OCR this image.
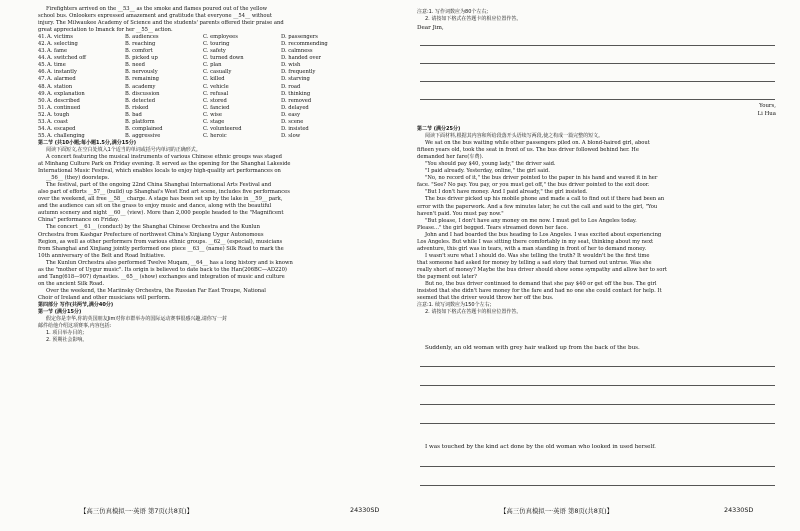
Firefighters arrived on the __53__ as the smoke and flames poured out of the yellow

school bus. Onlookers expressed amazement and gratitude that everyone __54__ without

injury. The Milwaukee Academy of Science and the students' parents offered their praise and

great appreciation to Imanck for her __55__ action.

41. A. victims	B. audiences	C. employees	D. passengers
42. A. selecting	B. reaching	C. touring	D. recommending
43. A. fame	B. comfort	C. safety	D. calmness
44. A. switched off	B. picked up	C. turned down	D. handed over
45. A. time	B. need	C. plan	D. wish
46. A. instantly	B. nervously	C. casually	D. frequently
47. A. alarmed	B. remaining	C. killed	D. starving
48. A. station	B. academy	C. vehicle	D. road
49. A. explanation	B. discussion	C. refusal	D. thinking
50. A. described	B. detected	C. stored	D. removed
51. A. continued	B. risked	C. fancied	D. delayed
52. A. tough	B. bad	C. wise	D. easy
53. A. coast	B. platform	C. stage	D. scene
54. A. escaped	B. complained	C. volunteered	D. insisted
55. A. challenging	B. aggressive	C. heroic	D. slow

第二节 (共10小题;每小题1.5分,满分15分)

阅读下面短文,在空白处填入1个适当的单词或括号内单词的正确形式。

A concert featuring the musical instruments of various Chinese ethnic groups was staged

at Minhang Culture Park on Friday evening. It served as the opening for the Shanghai Lakeside

International Music Festival, which enables locals to enjoy high-quality art performances on

__56__ (they) doorsteps.

The festival, part of the ongoing 22nd China Shanghai International Arts Festival and

also part of efforts __57__ (build) up Shanghai's West End art scene, includes five performances

over the weekend, all free __58__ charge. A stage has been set up by the lake in __59__ park,

and the audience can sit on the grass to enjoy music and dance, along with the beautiful

autumn scenery and night __60__ (view). More than 2,000 people headed to the "Magnificent

China" performance on Friday.

The concert __61__ (conduct) by the Shanghai Chinese Orchestra and the Kunlun

Orchestra from Kashgar Prefecture of northwest China's Xinjiang Uygur Autonomous

Region, as well as other performers from various ethnic groups. __62__ (especial), musicians

from Shanghai and Xinjiang jointly performed one piece __63__ (name) Silk Road to mark the

10th anniversary of the Belt and Road Initiative.

The Kunlun Orchestra also performed Twelve Muqam, __64__ has a long history and is known

as the "mother of Uygur music". Its origin is believed to date back to the Han(206BC—AD220)

and Tang(618—907) dynasties. __65__ (show) exchanges and integration of music and culture

on the ancient Silk Road.

Over the weekend, the Mariinsky Orchestra, the Russian Far East Troupe, National

Choir of Ireland and other musicians will perform.

第四部分 写作(共两节,满分40分)

第一节 (满分15分)

假定你是李华,你的英国朋友Jim对你市群举办的国际运动赛事很感兴趣,请你写一封

邮件给他介绍这项赛事,内容包括:

1. 项目举办目的;

2. 预期社会影响。

【高三仿真模拟一·英语 第7页(共8页)】	24330SD

注意:1. 写作词数应为80个左右;

2. 请按如下格式在答题卡的相应位置作答。

Dear Jim,
Yours,
Li Hua

第二节 (满分25分)

阅读下面材料,根据其内容和所给段落开头语续写两段,使之构成一篇完整的短文。

We sat on the bus waiting while other passengers piled on. A blond-haired girl, about

fifteen years old, took the seat in front of us. The bus driver followed behind her. He

demanded her fare(车费).

"You should pay $40, young lady," the driver said.

"I paid already. Yesterday, online," the girl said.

"No, no record of it," the bus driver pointed to the paper in his hand and waved it in her

face. "See? No pay. You pay, or you must get off," the bus driver pointed to the exit door.

"But I don't have money. And I paid already," the girl insisted.

The bus driver picked up his mobile phone and made a call to find out if there had been an

error with the paperwork. And a few minutes later, he cut the call and said to the girl, "You

haven't paid. You must pay now."

"But please, I don't have any money on me now. I must get to Los Angeles today.

Please..." the girl begged. Tears streamed down her face.

John and I had boarded the bus heading to Los Angeles. I was excited about experiencing

Los Angeles. But while I was sitting there comfortably in my seat, thinking about my next

adventure, this girl was in tears, with a man standing in front of her to demand money.

I wasn't sure what I should do. Was she telling the truth? It wouldn't be the first time

that someone had asked for money by telling a sad story that turned out untrue. Was she

really short of money? Maybe the bus driver should show some sympathy and allow her to sort

the payment out later?

But no, the bus driver continued to demand that she pay $40 or get off the bus. The girl

insisted that she didn't have money for the fare and had no one she could contact for help. It

seemed that the driver would throw her off the bus.

注意:1. 续写词数应为150个左右;

2. 请按如下格式在答题卡的相应位置作答。

Suddenly, an old woman with grey hair walked up from the back of the bus.
I was touched by the kind act done by the old woman who looked in used herself.
【高三仿真模拟一·英语 第8页(共8页)】	24330SD
